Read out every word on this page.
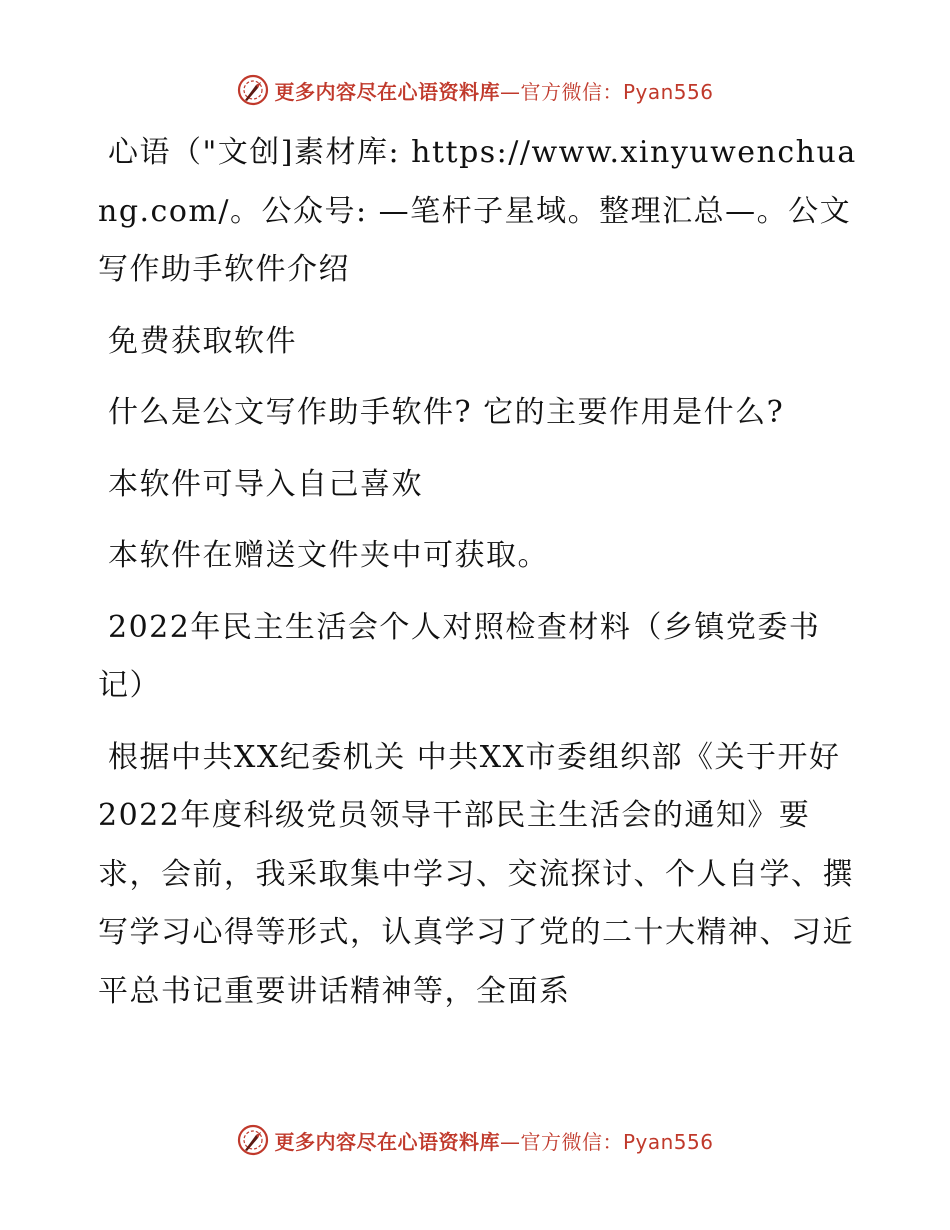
更多内容尽在心语资料库—官方微信：Pyan556

心语（"文创]素材库: https://www.xinyuwenchuang.com/。公众号: —笔杆子星域。整理汇总—。公文写作助手软件介绍

免费获取软件

什么是公文写作助手软件? 它的主要作用是什么?

本软件可导入自己喜欢

本软件在赠送文件夹中可获取。

2022年民主生活会个人对照检查材料（乡镇党委书记）

根据中共XX纪委机关 中共XX市委组织部《关于开好2022年度科级党员领导干部民主生活会的通知》要求，会前，我采取集中学习、交流探讨、个人自学、撰写学习心得等形式，认真学习了党的二十大精神、习近平总书记重要讲话精神等，全面系

更多内容尽在心语资料库—官方微信：Pyan556
